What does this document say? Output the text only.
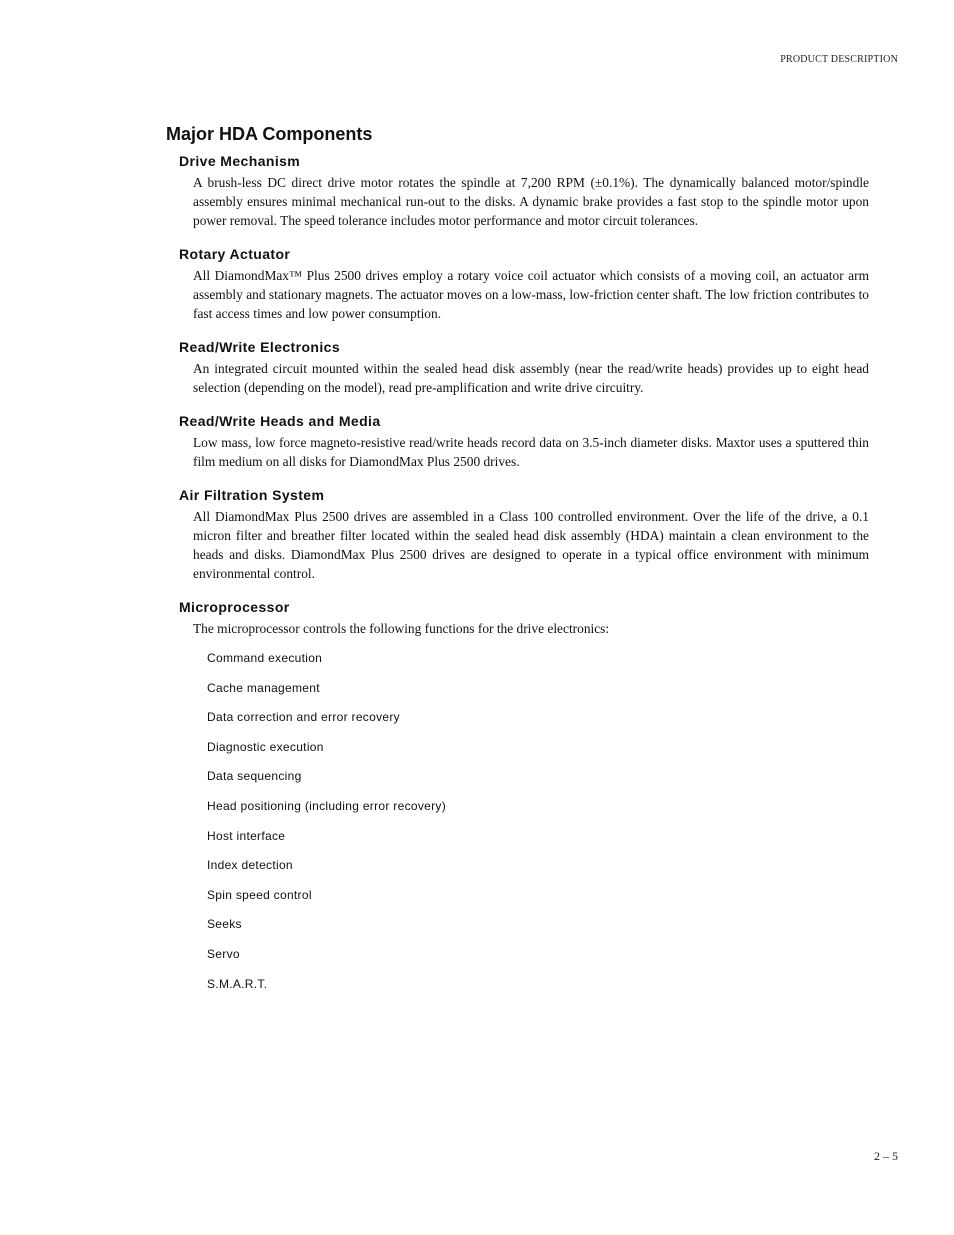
PRODUCT DESCRIPTION
Major HDA Components
Drive Mechanism

A brush-less DC direct drive motor rotates the spindle at 7,200 RPM (±0.1%). The dynamically balanced motor/spindle assembly ensures minimal mechanical run-out to the disks. A dynamic brake provides a fast stop to the spindle motor upon power removal. The speed tolerance includes motor performance and motor circuit tolerances.

Rotary Actuator

All DiamondMax™ Plus 2500 drives employ a rotary voice coil actuator which consists of a moving coil, an actuator arm assembly and stationary magnets. The actuator moves on a low-mass, low-friction center shaft. The low friction contributes to fast access times and low power consumption.

Read/Write Electronics

An integrated circuit mounted within the sealed head disk assembly (near the read/write heads) provides up to eight head selection (depending on the model), read pre-amplification and write drive circuitry.

Read/Write Heads and Media

Low mass, low force magneto-resistive read/write heads record data on 3.5-inch diameter disks. Maxtor uses a sputtered thin film medium on all disks for DiamondMax Plus 2500 drives.

Air Filtration System

All DiamondMax Plus 2500 drives are assembled in a Class 100 controlled environment. Over the life of the drive, a 0.1 micron filter and breather filter located within the sealed head disk assembly (HDA) maintain a clean environment to the heads and disks. DiamondMax Plus 2500 drives are designed to operate in a typical office environment with minimum environmental control.

Microprocessor

The microprocessor controls the following functions for the drive electronics:

Command execution
Cache management
Data correction and error recovery
Diagnostic execution
Data sequencing
Head positioning (including error recovery)
Host interface
Index detection
Spin speed control
Seeks
Servo
S.M.A.R.T.
2 – 5
